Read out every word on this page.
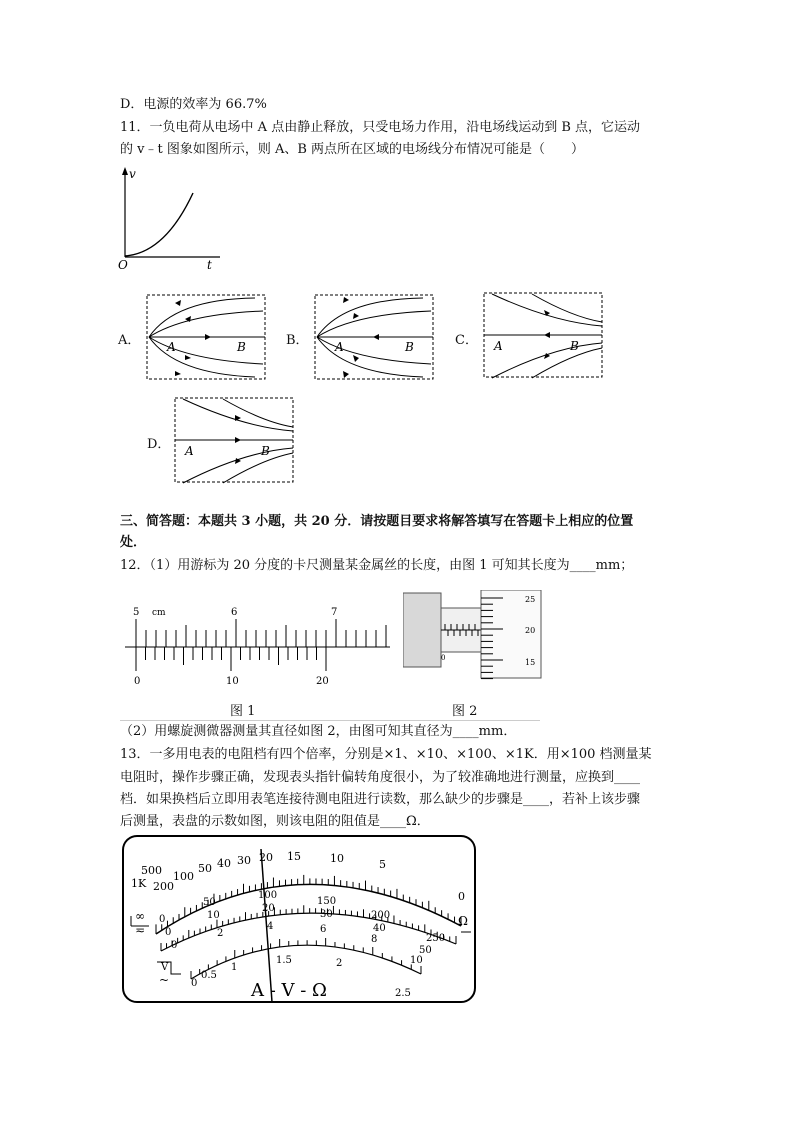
D．电源的效率为 66.7%
11．一负电荷从电场中 A 点由静止释放，只受电场力作用，沿电场线运动到 B 点，它运动
的 v﹣t 图象如图所示，则 A、B 两点所在区域的电场线分布情况可能是（　　）
v
t
O
A．	B．	C．
D．
A	B	A	B	A	B
A	B
三、简答题：本题共 3 小题，共 20 分．请按题目要求将解答填写在答题卡上相应的位置
处．
12．（1）用游标为 20 分度的卡尺测量某金属丝的长度，由图 1 可知其长度为____mm；
5 cm	6	7
0	10	20
25
20
15
0
图 1	图 2
（2）用螺旋测微器测量其直径如图 2，由图可知其直径为____mm．
13．一多用电表的电阻档有四个倍率，分别是×1、×10、×100、×1K．用×100 档测量某
电阻时，操作步骤正确，发现表头指针偏转角度很小，为了较准确地进行测量，应换到____
档．如果换档后立即用表笔连接待测电阻进行读数，那么缺少的步骤是____，若补上该步骤
后测量，表盘的示数如图，则该电阻的阻值是____Ω．
500
1K 200
100
50 40 30 20 15	10	5
0
∞	Ω
≂
0
50
100
150
200
250
0
10
20
30
40
50
0
2
4	6
8
10
0
0.5
1
1.5	2
2.5
V
~	A - V - Ω
